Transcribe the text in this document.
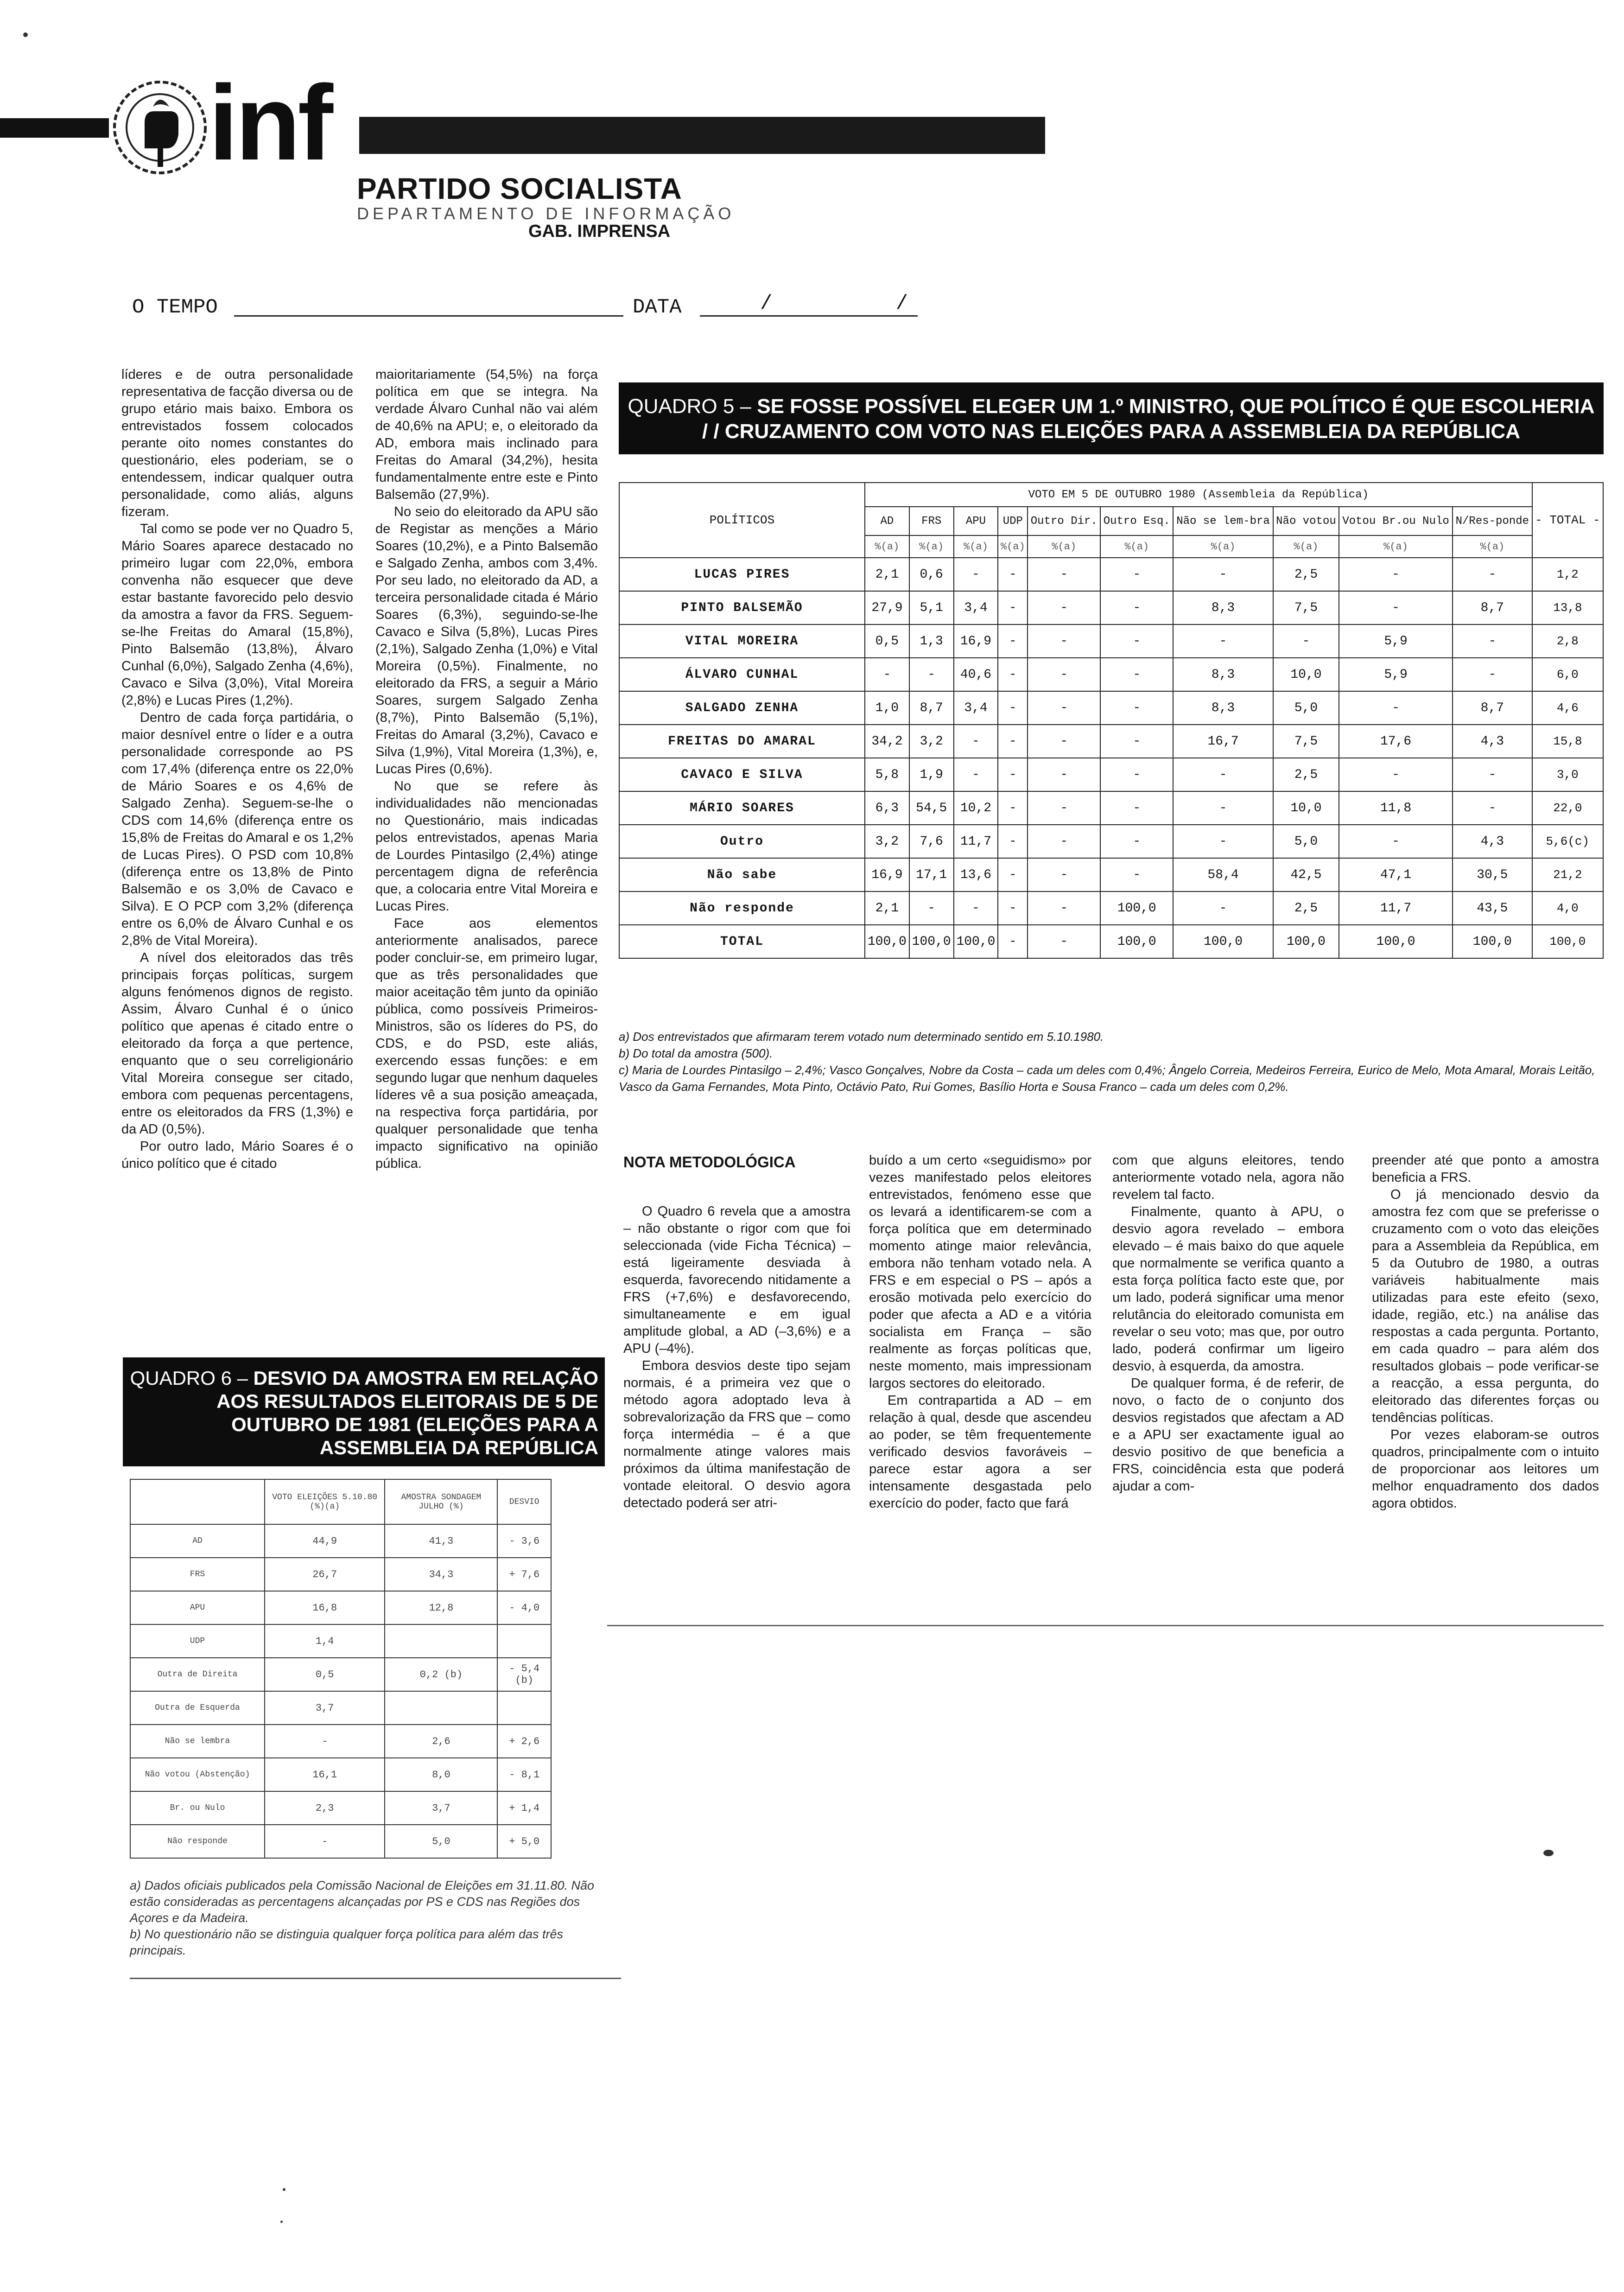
inf
PARTIDO SOCIALISTA
DEPARTAMENTO DE INFORMAÇÃO
GAB. IMPRENSA
O TEMPO	DATA	/ /

líderes e de outra personalidade representativa de facção diversa ou de grupo etário mais baixo. Embora os entrevistados fossem colocados perante oito nomes constantes do questionário, eles poderiam, se o entendessem, indicar qualquer outra personalidade, como aliás, alguns fizeram.

Tal como se pode ver no Quadro 5, Mário Soares aparece destacado no primeiro lugar com 22,0%, embora convenha não esquecer que deve estar bastante favorecido pelo desvio da amostra a favor da FRS. Seguem-se-lhe Freitas do Amaral (15,8%), Pinto Balsemão (13,8%), Álvaro Cunhal (6,0%), Salgado Zenha (4,6%), Cavaco e Silva (3,0%), Vital Moreira (2,8%) e Lucas Pires (1,2%).

Dentro de cada força partidária, o maior desnível entre o líder e a outra personalidade corresponde ao PS com 17,4% (diferença entre os 22,0% de Mário Soares e os 4,6% de Salgado Zenha). Seguem-se-lhe o CDS com 14,6% (diferença entre os 15,8% de Freitas do Amaral e os 1,2% de Lucas Pires). O PSD com 10,8% (diferença entre os 13,8% de Pinto Balsemão e os 3,0% de Cavaco e Silva). E O PCP com 3,2% (diferença entre os 6,0% de Álvaro Cunhal e os 2,8% de Vital Moreira).

A nível dos eleitorados das três principais forças políticas, surgem alguns fenómenos dignos de registo. Assim, Álvaro Cunhal é o único político que apenas é citado entre o eleitorado da força a que pertence, enquanto que o seu correligionário Vital Moreira consegue ser citado, embora com pequenas percentagens, entre os eleitorados da FRS (1,3%) e da AD (0,5%).

Por outro lado, Mário Soares é o único político que é citado

maioritariamente (54,5%) na força política em que se integra. Na verdade Álvaro Cunhal não vai além de 40,6% na APU; e, o eleitorado da AD, embora mais inclinado para Freitas do Amaral (34,2%), hesita fundamentalmente entre este e Pinto Balsemão (27,9%).

No seio do eleitorado da APU são de Registar as menções a Mário Soares (10,2%), e a Pinto Balsemão e Salgado Zenha, ambos com 3,4%. Por seu lado, no eleitorado da AD, a terceira personalidade citada é Mário Soares (6,3%), seguindo-se-lhe Cavaco e Silva (5,8%), Lucas Pires (2,1%), Salgado Zenha (1,0%) e Vital Moreira (0,5%). Finalmente, no eleitorado da FRS, a seguir a Mário Soares, surgem Salgado Zenha (8,7%), Pinto Balsemão (5,1%), Freitas do Amaral (3,2%), Cavaco e Silva (1,9%), Vital Moreira (1,3%), e, Lucas Pires (0,6%).

No que se refere às individualidades não mencionadas no Questionário, mais indicadas pelos entrevistados, apenas Maria de Lourdes Pintasilgo (2,4%) atinge percentagem digna de referência que, a colocaria entre Vital Moreira e Lucas Pires.

Face aos elementos anteriormente analisados, parece poder concluir-se, em primeiro lugar, que as três personalidades que maior aceitação têm junto da opinião pública, como possíveis Primeiros-Ministros, são os líderes do PS, do CDS, e do PSD, este aliás, exercendo essas funções: e em segundo lugar que nenhum daqueles líderes vê a sua posição ameaçada, na respectiva força partidária, por qualquer personalidade que tenha impacto significativo na opinião pública.

QUADRO 5 – SE FOSSE POSSÍVEL ELEGER UM 1.º MINISTRO, QUE POLÍTICO É QUE ESCOLHERIA / / CRUZAMENTO COM VOTO NAS ELEIÇÕES PARA A ASSEMBLEIA DA REPÚBLICA
POLÍTICOS	VOTO EM 5 DE OUTUBRO 1980 (Assembleia da República)										- TOTAL -
	AD	FRS	APU	UDP	Outro Dir.	Outro Esq.	Não se lem-bra	Não votou	Votou Br.ou Nulo	N/Res-ponde	
	%(a)	%(a)	%(a)	%(a)	%(a)	%(a)	%(a)	%(a)	%(a)	%(a)	
LUCAS PIRES	2,1	0,6	-	-	-	-	-	2,5	-	-	1,2
PINTO BALSEMÃO	27,9	5,1	3,4	-	-	-	8,3	7,5	-	8,7	13,8
VITAL MOREIRA	0,5	1,3	16,9	-	-	-	-	-	5,9	-	2,8
ÁLVARO CUNHAL	-	-	40,6	-	-	-	8,3	10,0	5,9	-	6,0
SALGADO ZENHA	1,0	8,7	3,4	-	-	-	8,3	5,0	-	8,7	4,6
FREITAS DO AMARAL	34,2	3,2	-	-	-	-	16,7	7,5	17,6	4,3	15,8
CAVACO E SILVA	5,8	1,9	-	-	-	-	-	2,5	-	-	3,0
MÁRIO SOARES	6,3	54,5	10,2	-	-	-	-	10,0	11,8	-	22,0
Outro	3,2	7,6	11,7	-	-	-	-	5,0	-	4,3	5,6(c)
Não sabe	16,9	17,1	13,6	-	-	-	58,4	42,5	47,1	30,5	21,2
Não responde	2,1	-	-	-	-	100,0	-	2,5	11,7	43,5	4,0
TOTAL	100,0	100,0	100,0	-	-	100,0	100,0	100,0	100,0	100,0	100,0
a) Dos entrevistados que afirmaram terem votado num determinado sentido em 5.10.1980.
b) Do total da amostra (500).
c) Maria de Lourdes Pintasilgo – 2,4%; Vasco Gonçalves, Nobre da Costa – cada um deles com 0,4%; Ângelo Correia, Medeiros Ferreira, Eurico de Melo, Mota Amaral, Morais Leitão, Vasco da Gama Fernandes, Mota Pinto, Octávio Pato, Rui Gomes, Basílio Horta e Sousa Franco – cada um deles com 0,2%.
QUADRO 6 – DESVIO DA AMOSTRA EM RELAÇÃO AOS RESULTADOS ELEITORAIS DE 5 DE OUTUBRO DE 1981 (ELEIÇÕES PARA A ASSEMBLEIA DA REPÚBLICA
	VOTO ELEIÇÕES 5.10.80 (%)(a)	AMOSTRA SONDAGEM JULHO (%)	DESVIO
AD	44,9	41,3	- 3,6
FRS	26,7	34,3	+ 7,6
APU	16,8	12,8	- 4,0
UDP	1,4		
Outra de Direita	0,5	0,2 (b)	- 5,4 (b)
Outra de Esquerda	3,7		
Não se lembra	-	2,6	+ 2,6
Não votou (Abstenção)	16,1	8,0	- 8,1
Br. ou Nulo	2,3	3,7	+ 1,4
Não responde	-	5,0	+ 5,0
a) Dados oficiais publicados pela Comissão Nacional de Eleições em 31.11.80. Não estão consideradas as percentagens alcançadas por PS e CDS nas Regiões dos Açores e da Madeira.
b) No questionário não se distinguia qualquer força política para além das três principais.
NOTA METODOLÓGICA

O Quadro 6 revela que a amostra – não obstante o rigor com que foi seleccionada (vide Ficha Técnica) – está ligeiramente desviada à esquerda, favorecendo nitidamente a FRS (+7,6%) e desfavorecendo, simultaneamente e em igual amplitude global, a AD (–3,6%) e a APU (–4%).

Embora desvios deste tipo sejam normais, é a primeira vez que o método agora adoptado leva à sobrevalorização da FRS que – como força intermédia – é a que normalmente atinge valores mais próximos da última manifestação de vontade eleitoral. O desvio agora detectado poderá ser atri-

buído a um certo «seguidismo» por vezes manifestado pelos eleitores entrevistados, fenómeno esse que os levará a identificarem-se com a força política que em determinado momento atinge maior relevância, embora não tenham votado nela. A FRS e em especial o PS – após a erosão motivada pelo exercício do poder que afecta a AD e a vitória socialista em França – são realmente as forças políticas que, neste momento, mais impressionam largos sectores do eleitorado.

Em contrapartida a AD – em relação à qual, desde que ascendeu ao poder, se têm frequentemente verificado desvios favoráveis – parece estar agora a ser intensamente desgastada pelo exercício do poder, facto que fará

com que alguns eleitores, tendo anteriormente votado nela, agora não revelem tal facto.

Finalmente, quanto à APU, o desvio agora revelado – embora elevado – é mais baixo do que aquele que normalmente se verifica quanto a esta força política facto este que, por um lado, poderá significar uma menor relutância do eleitorado comunista em revelar o seu voto; mas que, por outro lado, poderá confirmar um ligeiro desvio, à esquerda, da amostra.

De qualquer forma, é de referir, de novo, o facto de o conjunto dos desvios registados que afectam a AD e a APU ser exactamente igual ao desvio positivo de que beneficia a FRS, coincidência esta que poderá ajudar a com-

preender até que ponto a amostra beneficia a FRS.

O já mencionado desvio da amostra fez com que se preferisse o cruzamento com o voto das eleições para a Assembleia da República, em 5 da Outubro de 1980, a outras variáveis habitualmente mais utilizadas para este efeito (sexo, idade, região, etc.) na análise das respostas a cada pergunta. Portanto, em cada quadro – para além dos resultados globais – pode verificar-se a reacção, a essa pergunta, do eleitorado das diferentes forças ou tendências políticas.

Por vezes elaboram-se outros quadros, principalmente com o intuito de proporcionar aos leitores um melhor enquadramento dos dados agora obtidos.
